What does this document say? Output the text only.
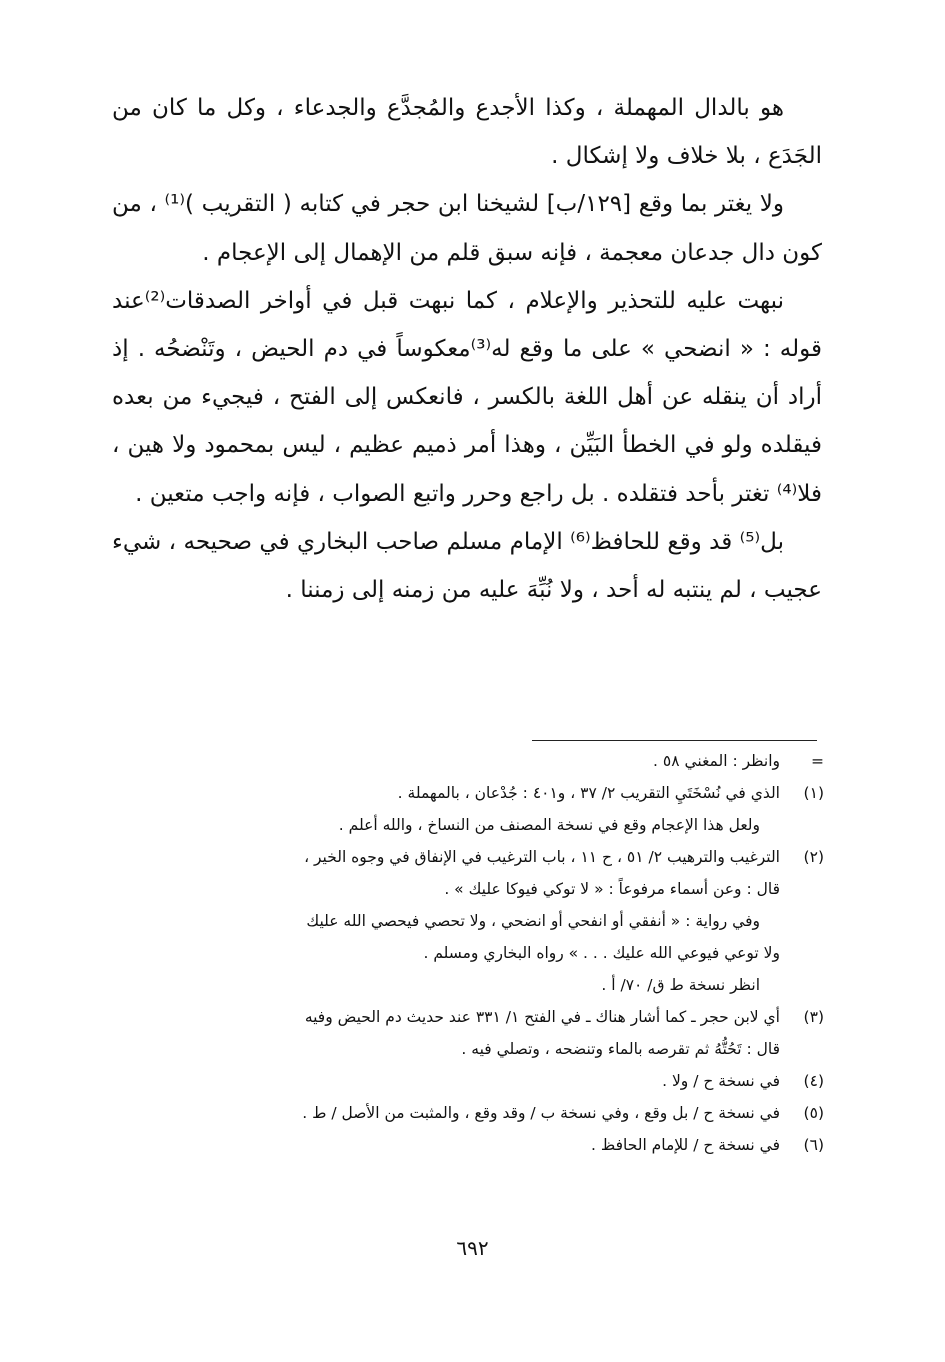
هو بالدال المهملة ، وكذا الأجدع والمُجدَّع والجدعاء ، وكل ما كان من الجَدَع ، بلا خلاف ولا إشكال .

ولا يغتر بما وقع [١٢٩/ب] لشيخنا ابن حجر في كتابه ( التقريب )⁽¹⁾ ، من كون دال جدعان معجمة ، فإنه سبق قلم من الإهمال إلى الإعجام .

نبهت عليه للتحذير والإعلام ، كما نبهت قبل في أواخر الصدقات⁽²⁾عند قوله : « انضحي » على ما وقع له⁽³⁾معكوساً في دم الحيض ، وتَنْضحُه . إذ أراد أن ينقله عن أهل اللغة بالكسر ، فانعكس إلى الفتح ، فيجيء من بعده فيقلده ولو في الخطأ البَيِّن ، وهذا أمر ذميم عظيم ، ليس بمحمود ولا هين ، فلا⁽⁴⁾ تغتر بأحد فتقلده . بل راجع وحرر واتبع الصواب ، فإنه واجب متعين .

بل⁽⁵⁾ قد وقع للحافظ⁽⁶⁾ الإمام مسلم صاحب البخاري في صحيحه ، شيء عجيب ، لم ينتبه له أحد ، ولا نُبِّهَ عليه من زمنه إلى زمننا .

=
وانظر : المغني ٥٨ .
(١)
الذي في نُسْخَتَيِ التقريب ٢/ ٣٧ ، و٤٠١ : جُدْعان ، بالمهملة .
ولعل هذا الإعجام وقع في نسخة المصنف من النساخ ، والله أعلم .
(٢)
الترغيب والترهيب ٢/ ٥١ ، ح ١١ ، باب الترغيب في الإنفاق في وجوه الخير ،
قال : وعن أسماء مرفوعاً : « لا توكي فيوكا عليك » .
وفي رواية : « أنفقي أو انفحي أو انضحي ، ولا تحصي فيحصي الله عليك
ولا توعي فيوعي الله عليك . . . » رواه البخاري ومسلم .
انظر نسخة ط ق/ ٧٠/ أ .
(٣)
أي لابن حجر ـ كما أشار هناك ـ في الفتح ١/ ٣٣١ عند حديث دم الحيض وفيه
قال : تَحُتُّهُ ثم تقرصه بالماء وتنضحه ، وتصلي فيه .
(٤)
في نسخة ح / ولا .
(٥)
في نسخة ح / بل وقع ، وفي نسخة ب / وقد وقع ، والمثبت من الأصل / ط .
(٦)
في نسخة ح / للإمام الحافظ .
٦٩٢
